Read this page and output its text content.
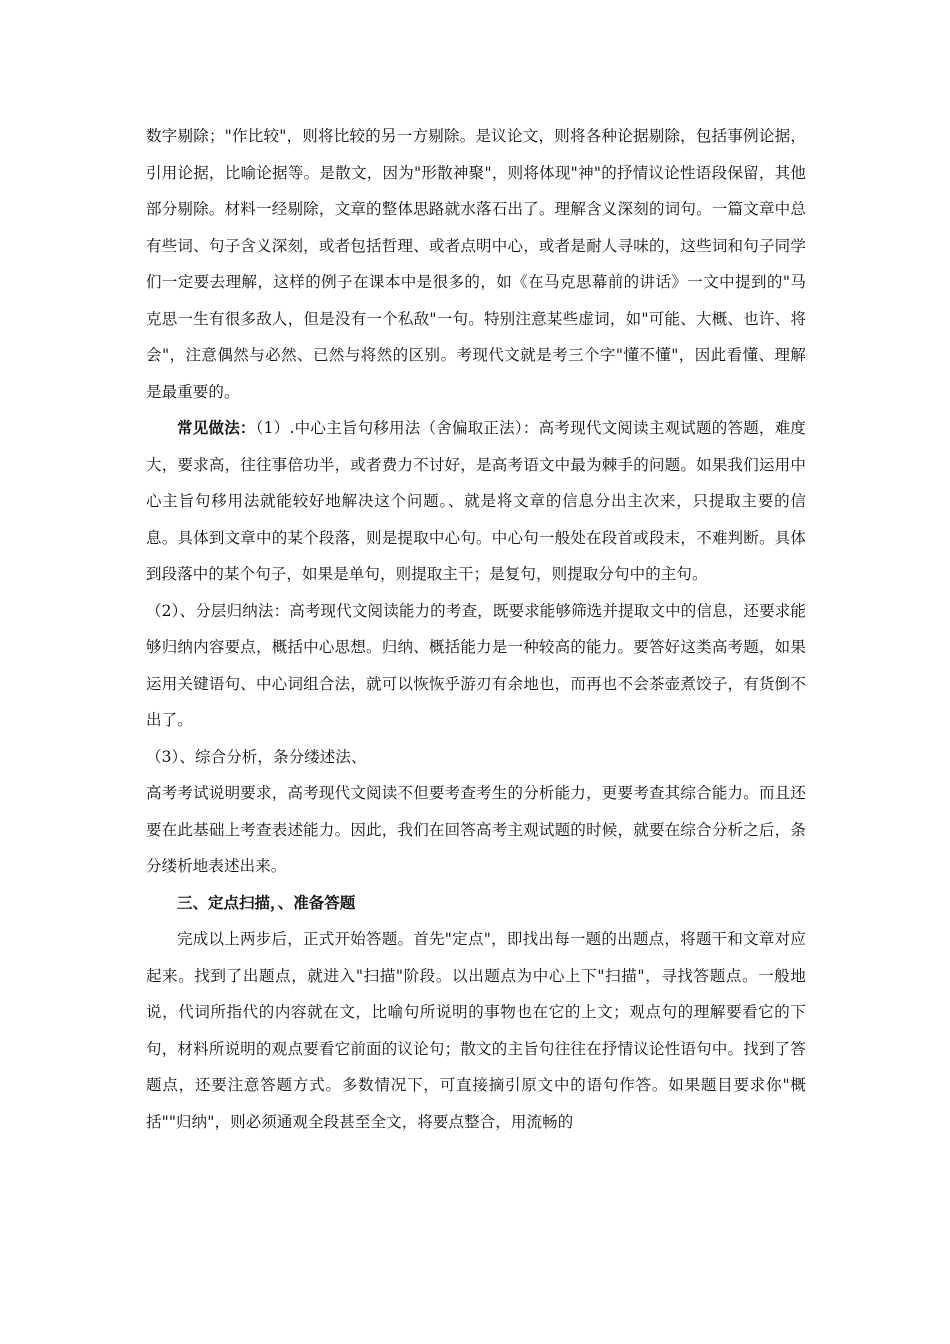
数字剔除；"作比较"，则将比较的另一方剔除。是议论文，则将各种论据剔除，包括事例论据，引用论据，比喻论据等。是散文，因为"形散神聚"，则将体现"神"的抒情议论性语段保留，其他部分剔除。材料一经剔除，文章的整体思路就水落石出了。理解含义深刻的词句。一篇文章中总有些词、句子含义深刻，或者包括哲理、或者点明中心，或者是耐人寻味的，这些词和句子同学们一定要去理解，这样的例子在课本中是很多的，如《在马克思幕前的讲话》一文中提到的"马克思一生有很多敌人，但是没有一个私敌"一句。特别注意某些虚词，如"可能、大概、也许、将会"，注意偶然与必然、已然与将然的区别。考现代文就是考三个字"懂不懂"，因此看懂、理解是最重要的。

常见做法：（1）.中心主旨句移用法（舍偏取正法）：高考现代文阅读主观试题的答题，难度大，要求高，往往事倍功半，或者费力不讨好，是高考语文中最为棘手的问题。如果我们运用中心主旨句移用法就能较好地解决这个问题。、就是将文章的信息分出主次来，只提取主要的信息。具体到文章中的某个段落，则是提取中心句。中心句一般处在段首或段末，不难判断。具体到段落中的某个句子，如果是单句，则提取主干；是复句，则提取分句中的主句。

（2）、分层归纳法：高考现代文阅读能力的考查，既要求能够筛选并提取文中的信息，还要求能够归纳内容要点，概括中心思想。归纳、概括能力是一种较高的能力。要答好这类高考题，如果运用关键语句、中心词组合法，就可以恢恢乎游刃有余地也，而再也不会茶壶煮饺子，有货倒不出了。

（3）、综合分析，条分缕述法、

高考考试说明要求，高考现代文阅读不但要考查考生的分析能力，更要考查其综合能力。而且还要在此基础上考查表述能力。因此，我们在回答高考主观试题的时候，就要在综合分析之后，条分缕析地表述出来。

三、定点扫描，、准备答题

完成以上两步后，正式开始答题。首先"定点"，即找出每一题的出题点，将题干和文章对应起来。找到了出题点，就进入"扫描"阶段。以出题点为中心上下"扫描"，寻找答题点。一般地说，代词所指代的内容就在文，比喻句所说明的事物也在它的上文；观点句的理解要看它的下句，材料所说明的观点要看它前面的议论句；散文的主旨句往往在抒情议论性语句中。找到了答题点，还要注意答题方式。多数情况下，可直接摘引原文中的语句作答。如果题目要求你"概括""归纳"，则必须通观全段甚至全文，将要点整合，用流畅的
